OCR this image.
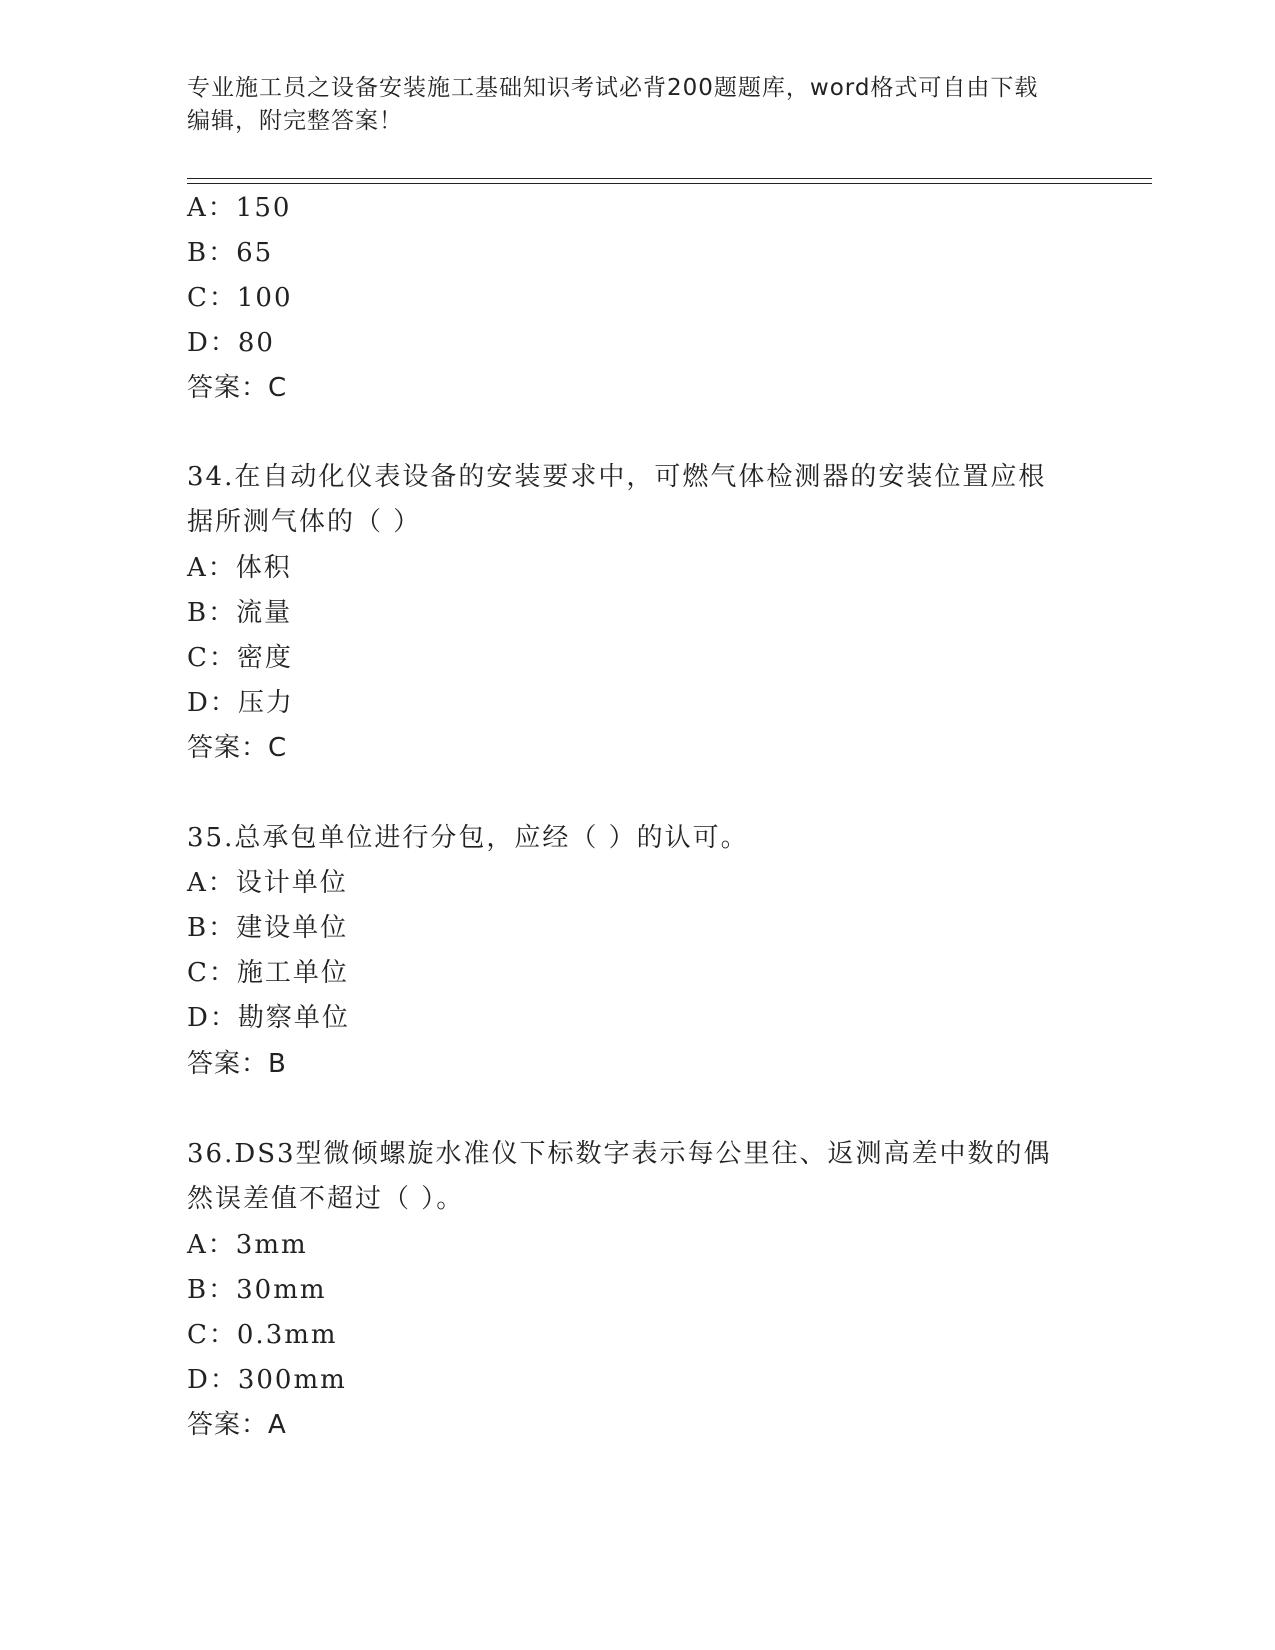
专业施工员之设备安装施工基础知识考试必背200题题库，word格式可自由下载
编辑，附完整答案！
A：150
B：65
C：100
D：80
答案：C
34.在自动化仪表设备的安装要求中，可燃气体检测器的安装位置应根
据所测气体的（ ）
A：体积
B：流量
C：密度
D：压力
答案：C
35.总承包单位进行分包，应经（ ）的认可。
A：设计单位
B：建设单位
C：施工单位
D：勘察单位
答案：B
36.DS3型微倾螺旋水准仪下标数字表示每公里往、返测高差中数的偶
然误差值不超过（ ）。
A：3mm
B：30mm
C：0.3mm
D：300mm
答案：A
